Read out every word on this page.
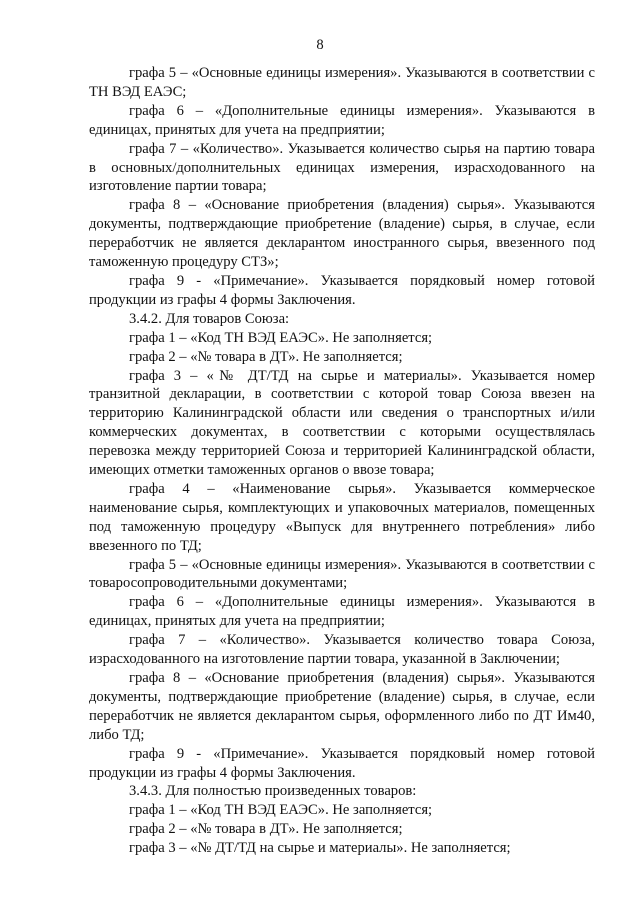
8

графа 5 – «Основные единицы измерения». Указываются в соответствии с ТН ВЭД ЕАЭС;

графа 6 – «Дополнительные единицы измерения». Указываются в единицах, принятых для учета на предприятии;

графа 7 – «Количество». Указывается количество сырья на партию товара в основных/дополнительных единицах измерения, израсходованного на изготовление партии товара;

графа 8 – «Основание приобретения (владения) сырья». Указываются документы, подтверждающие приобретение (владение) сырья, в случае, если переработчик не является декларантом иностранного сырья, ввезенного под таможенную процедуру СТЗ»;

графа 9 - «Примечание». Указывается порядковый номер готовой продукции из графы 4 формы Заключения.

3.4.2. Для товаров Союза:

графа 1 – «Код ТН ВЭД ЕАЭС». Не заполняется;

графа 2 – «№ товара в ДТ». Не заполняется;

графа 3 – «№ ДТ/ТД на сырье и материалы». Указывается номер транзитной декларации, в соответствии с которой товар Союза ввезен на территорию Калининградской области или сведения о транспортных и/или коммерческих документах, в соответствии с которыми осуществлялась перевозка между территорией Союза и территорией Калининградской области, имеющих отметки таможенных органов о ввозе товара;

графа 4 – «Наименование сырья». Указывается коммерческое наименование сырья, комплектующих и упаковочных материалов, помещенных под таможенную процедуру «Выпуск для внутреннего потребления» либо ввезенного по ТД;

графа 5 – «Основные единицы измерения». Указываются в соответствии с товаросопроводительными документами;

графа 6 – «Дополнительные единицы измерения». Указываются в единицах, принятых для учета на предприятии;

графа 7 – «Количество». Указывается количество товара Союза, израсходованного на изготовление партии товара, указанной в Заключении;

графа 8 – «Основание приобретения (владения) сырья». Указываются документы, подтверждающие приобретение (владение) сырья, в случае, если переработчик не является декларантом сырья, оформленного либо по ДТ Им40, либо ТД;

графа 9 - «Примечание». Указывается порядковый номер готовой продукции из графы 4 формы Заключения.

3.4.3. Для полностью произведенных товаров:

графа 1 – «Код ТН ВЭД ЕАЭС». Не заполняется;

графа 2 – «№ товара в ДТ». Не заполняется;

графа 3 – «№ ДТ/ТД на сырье и материалы». Не заполняется;
